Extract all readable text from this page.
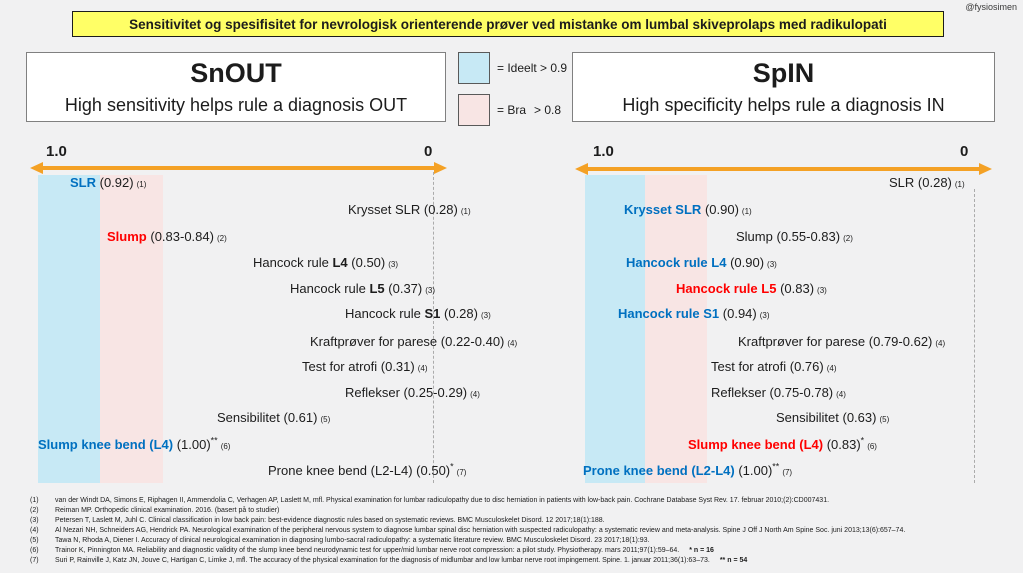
@fysiosimen
Sensitivitet og spesifisitet for nevrologisk orienterende prøver ved mistanke om lumbal skiveprolaps med radikulopati
SnOUT
High sensitivity helps rule a diagnosis OUT
= Ideelt > 0.9
= Bra > 0.8
SpIN
High specificity helps rule a diagnosis IN
1.0	0
SLR (0.92) (1)
Krysset SLR (0.28) (1)
Slump (0.83-0.84) (2)
Hancock rule L4 (0.50) (3)
Hancock rule L5 (0.37) (3)
Hancock rule S1 (0.28) (3)
Kraftprøver for parese (0.22-0.40) (4)
Test for atrofi (0.31) (4)
Reflekser (0.25-0.29) (4)
Sensibilitet (0.61) (5)
Slump knee bend (L4) (1.00)**(6)
Prone knee bend (L2-L4) (0.50)*(7)
1.0	0
SLR (0.28) (1)
Krysset SLR (0.90) (1)
Slump (0.55-0.83) (2)
Hancock rule L4 (0.90) (3)
Hancock rule L5 (0.83) (3)
Hancock rule S1 (0.94) (3)
Kraftprøver for parese (0.79-0.62) (4)
Test for atrofi (0.76) (4)
Reflekser (0.75-0.78) (4)
Sensibilitet (0.63) (5)
Slump knee bend (L4) (0.83)*(6)
Prone knee bend (L2-L4) (1.00)**(7)
(1) van der Windt DA, Simons E, Riphagen II, Ammendolia C, Verhagen AP, Laslett M, mfl. Physical examination for lumbar radiculopathy due to disc herniation in patients with low-back pain. Cochrane Database Syst Rev. 17. februar 2010;(2):CD007431.
(2) Reiman MP. Orthopedic clinical examination. 2016. (basert på to studier)
(3) Petersen T, Laslett M, Juhl C. Clinical classification in low back pain: best-evidence diagnostic rules based on systematic reviews. BMC Musculoskelet Disord. 12 2017;18(1):188.
(4) Al Nezari NH, Schneiders AG, Hendrick PA. Neurological examination of the peripheral nervous system to diagnose lumbar spinal disc herniation with suspected radiculopathy: a systematic review and meta-analysis. Spine J Off J North Am Spine Soc. juni 2013;13(6):657–74.
(5) Tawa N, Rhoda A, Diener I. Accuracy of clinical neurological examination in diagnosing lumbo-sacral radiculopathy: a systematic literature review. BMC Musculoskelet Disord. 23 2017;18(1):93.
(6) Trainor K, Pinnington MA. Reliability and diagnostic validity of the slump knee bend neurodynamic test for upper/mid lumbar nerve root compression: a pilot study. Physiotherapy. mars 2011;97(1):59–64. * n = 16
(7) Suri P, Rainville J, Katz JN, Jouve C, Hartigan C, Limke J, mfl. The accuracy of the physical examination for the diagnosis of midlumbar and low lumbar nerve root impingement. Spine. 1. januar 2011;36(1):63–73. ** n = 54
